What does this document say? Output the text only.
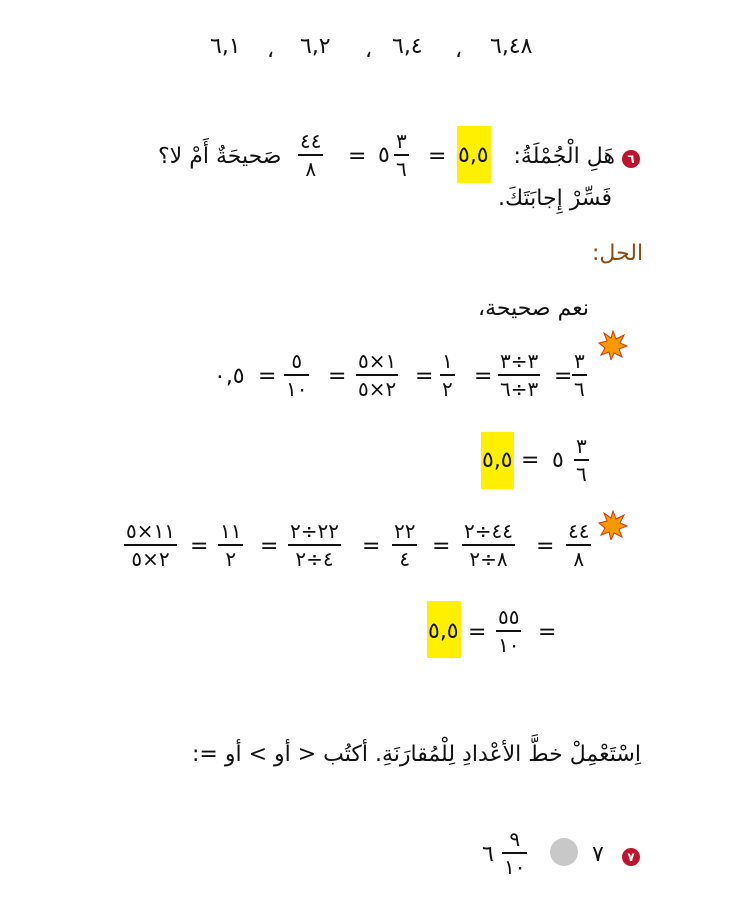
٦,٤٨
،
٦,٤
،
٦,٢
،
٦,١
٦
هَلِ الْجُمْلَةُ:
٥,٥
=
٣
٦
٥
=
٤٤
٨
صَحيحَةٌ أَمْ لا؟
فَسِّرْ إِجابَتَكَ.
الحل:
نعم صحيحة،
٣
٦
=
٣÷٣
٣÷٦
=
١
٢
=
١×٥
٢×٥
=
٥
١٠
=
٠,٥
٥,٥ = ٥
٣
٦
٤٤
٨
=
٤٤÷٢
٨÷٢
=
٢٢
٤
=
٢٢÷٢
٤÷٢
=
١١
٢
=
١١×٥
٢×٥
=
٥٥
١٠
=
٥,٥
اِسْتَعْمِلْ خطَّ الأعْدادِ لِلْمُقارَنَةِ. أكتُب < أو > أو =:
٧
٧
٩
١٠
٦
